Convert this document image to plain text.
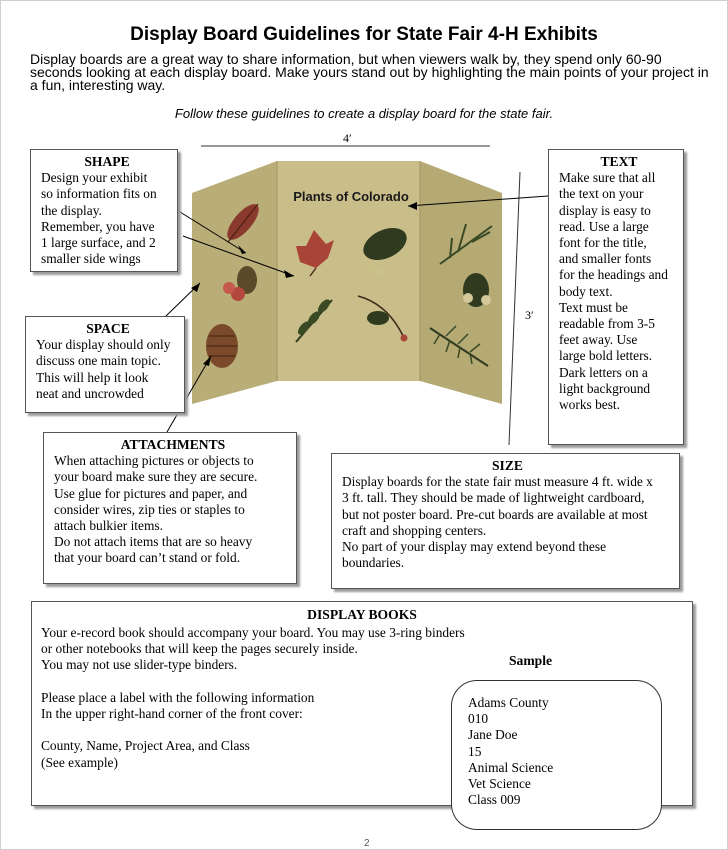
Display Board Guidelines for State Fair 4-H Exhibits
Display boards are a great way to share information, but when viewers walk by, they spend only 60-90 seconds looking at each display board. Make yours stand out by highlighting the main points of your project in a fun, interesting way.
Follow these guidelines to create a display board for the state fair.
4′
3′
Plants of Colorado
SHAPE

Design your exhibit

so information fits on

the display.

Remember, you have

1 large surface, and 2

smaller side wings

SPACE

Your display should only

discuss one main topic.

This will help it look

neat and uncrowded

ATTACHMENTS

When attaching pictures or objects to

your board make sure they are secure.

Use glue for pictures and paper, and

consider wires, zip ties or staples to

attach bulkier items.

Do not attach items that are so heavy

that your board can’t stand or fold.

TEXT

Make sure that all

the text on your

display is easy to

read. Use a large

font for the title,

and smaller fonts

for the headings and

body text.

Text must be

readable from 3-5

feet away. Use

large bold letters.

Dark letters on a

light background

works best.

SIZE

Display boards for the state fair must measure 4 ft. wide x

3 ft. tall. They should be made of lightweight cardboard,

but not poster board. Pre-cut boards are available at most

craft and shopping centers.

No part of your display may extend beyond these

boundaries.

DISPLAY BOOKS

Your e-record book should accompany your board. You may use 3-ring binders

or other notebooks that will keep the pages securely inside.

You may not use slider-type binders.

Please place a label with the following information

In the upper right-hand corner of the front cover:

County, Name, Project Area, and Class

(See example)

Sample
Adams County
010
Jane Doe
15
Animal Science
Vet Science
Class 009
2
